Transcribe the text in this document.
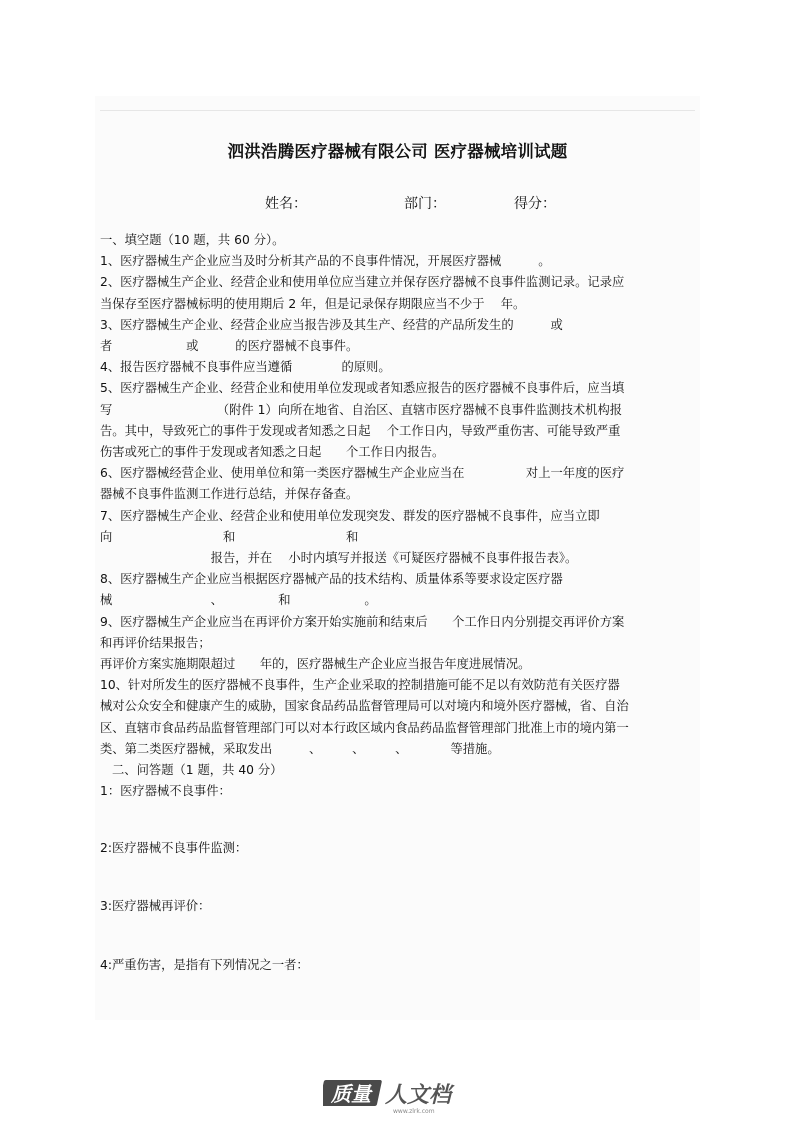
泗洪浩腾医疗器械有限公司 医疗器械培训试题
姓名：	部门：	得分：
一、填空题（10 题，共 60 分）。
1、医疗器械生产企业应当及时分析其产品的不良事件情况，开展医疗器械　　　。
2、医疗器械生产企业、经营企业和使用单位应当建立并保存医疗器械不良事件监测记录。记录应
当保存至医疗器械标明的使用期后 2 年，但是记录保存期限应当不少于　 年。
3、医疗器械生产企业、经营企业应当报告涉及其生产、经营的产品所发生的　　　或
者　　　　　　或　　　的医疗器械不良事件。
4、报告医疗器械不良事件应当遵循　　　　的原则。
5、医疗器械生产企业、经营企业和使用单位发现或者知悉应报告的医疗器械不良事件后，应当填
写　　　　　　　　　（附件 1）向所在地省、自治区、直辖市医疗器械不良事件监测技术机构报
告。其中，导致死亡的事件于发现或者知悉之日起　 个工作日内，导致严重伤害、可能导致严重
伤害或死亡的事件于发现或者知悉之日起　　个工作日内报告。
6、医疗器械经营企业、使用单位和第一类医疗器械生产企业应当在　　　　　对上一年度的医疗
器械不良事件监测工作进行总结，并保存备查。
7、医疗器械生产企业、经营企业和使用单位发现突发、群发的医疗器械不良事件，应当立即
向　　　　　　　　　和　　　　　　　　　和
　　　　　　　　　报告，并在　 小时内填写并报送《可疑医疗器械不良事件报告表》。
8、医疗器械生产企业应当根据医疗器械产品的技术结构、质量体系等要求设定医疗器
械　　　　　　　　、　　　　　和　　　　　　。
9、医疗器械生产企业应当在再评价方案开始实施前和结束后　　个工作日内分别提交再评价方案
和再评价结果报告；
再评价方案实施期限超过　　年的，医疗器械生产企业应当报告年度进展情况。
10、针对所发生的医疗器械不良事件，生产企业采取的控制措施可能不足以有效防范有关医疗器
械对公众安全和健康产生的威胁，国家食品药品监督管理局可以对境内和境外医疗器械，省、自治
区、直辖市食品药品监督管理部门可以对本行政区域内食品药品监督管理部门批准上市的境内第一
类、第二类医疗器械，采取发出　　　、　　　、　　　、　　　　等措施。
二、问答题（1 题，共 40 分）
1：医疗器械不良事件：
2:医疗器械不良事件监测：
3:医疗器械再评价：
4:严重伤害，是指有下列情况之一者：
质量 人文档
www.zlrk.com
